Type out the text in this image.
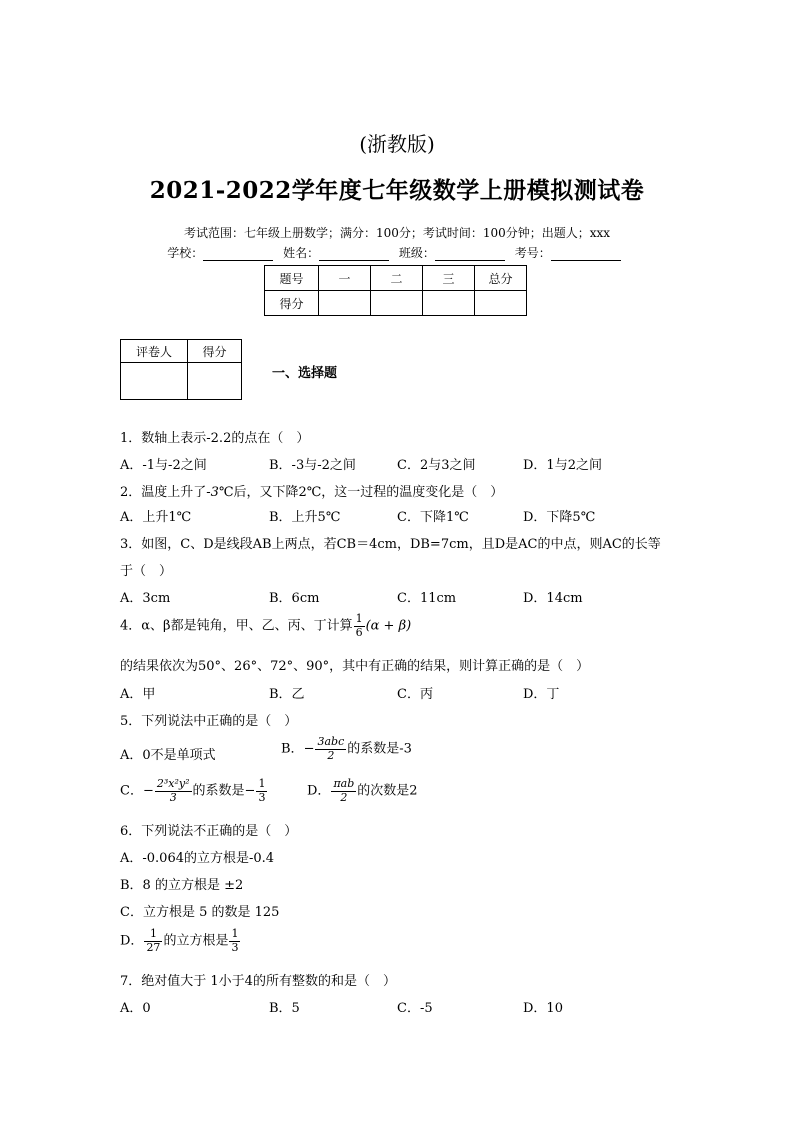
(浙教版)
2021-2022学年度七年级数学上册模拟测试卷
考试范围：七年级上册数学；满分：100分；考试时间：100分钟；出题人；xxx
学校：	姓名：	班级：	考号：
题号	一	二	三	总分
得分				
评卷人	得分

一、选择题
1．数轴上表示-2.2的点在（　）
A．-1与-2之间	B．-3与-2之间	C．2与3之间	D．1与2之间
2．温度上升了-3℃后，又下降2℃，这一过程的温度变化是（　）
A．上升1℃	B．上升5℃	C．下降1℃	D．下降5℃
3．如图，C、D是线段AB上两点，若CB＝4cm，DB=7cm，且D是AC的中点，则AC的长等
于（　）
A．3cm	B．6cm	C．11cm	D．14cm
4．α、β都是钝角，甲、乙、丙、丁计算 $\frac{1}{6} (\alpha + \beta)$
的结果依次为50°、26°、72°、90°，其中有正确的结果，则计算正确的是（　）
A．甲	B．乙	C．丙	D．丁
5．下列说法中正确的是（　）
A．0不是单项式	B．− $\frac{\text{3abc}}{2}$ 的系数是-3
C．− $\frac{\text{2³x²y²}}{3}$ 的系数是− $\frac{1}{3}$	D． $\frac{\text{πab}}{2}$ 的次数是2
6．下列说法不正确的是（　）
A．-0.064的立方根是-0.4
B．8 的立方根是 ±2
C．立方根是 5 的数是 125
D． $\frac{1}{27}$ 的立方根是 $\frac{1}{3}$
7．绝对值大于 1小于4的所有整数的和是（　）
A．0	B．5	C．-5	D．10
